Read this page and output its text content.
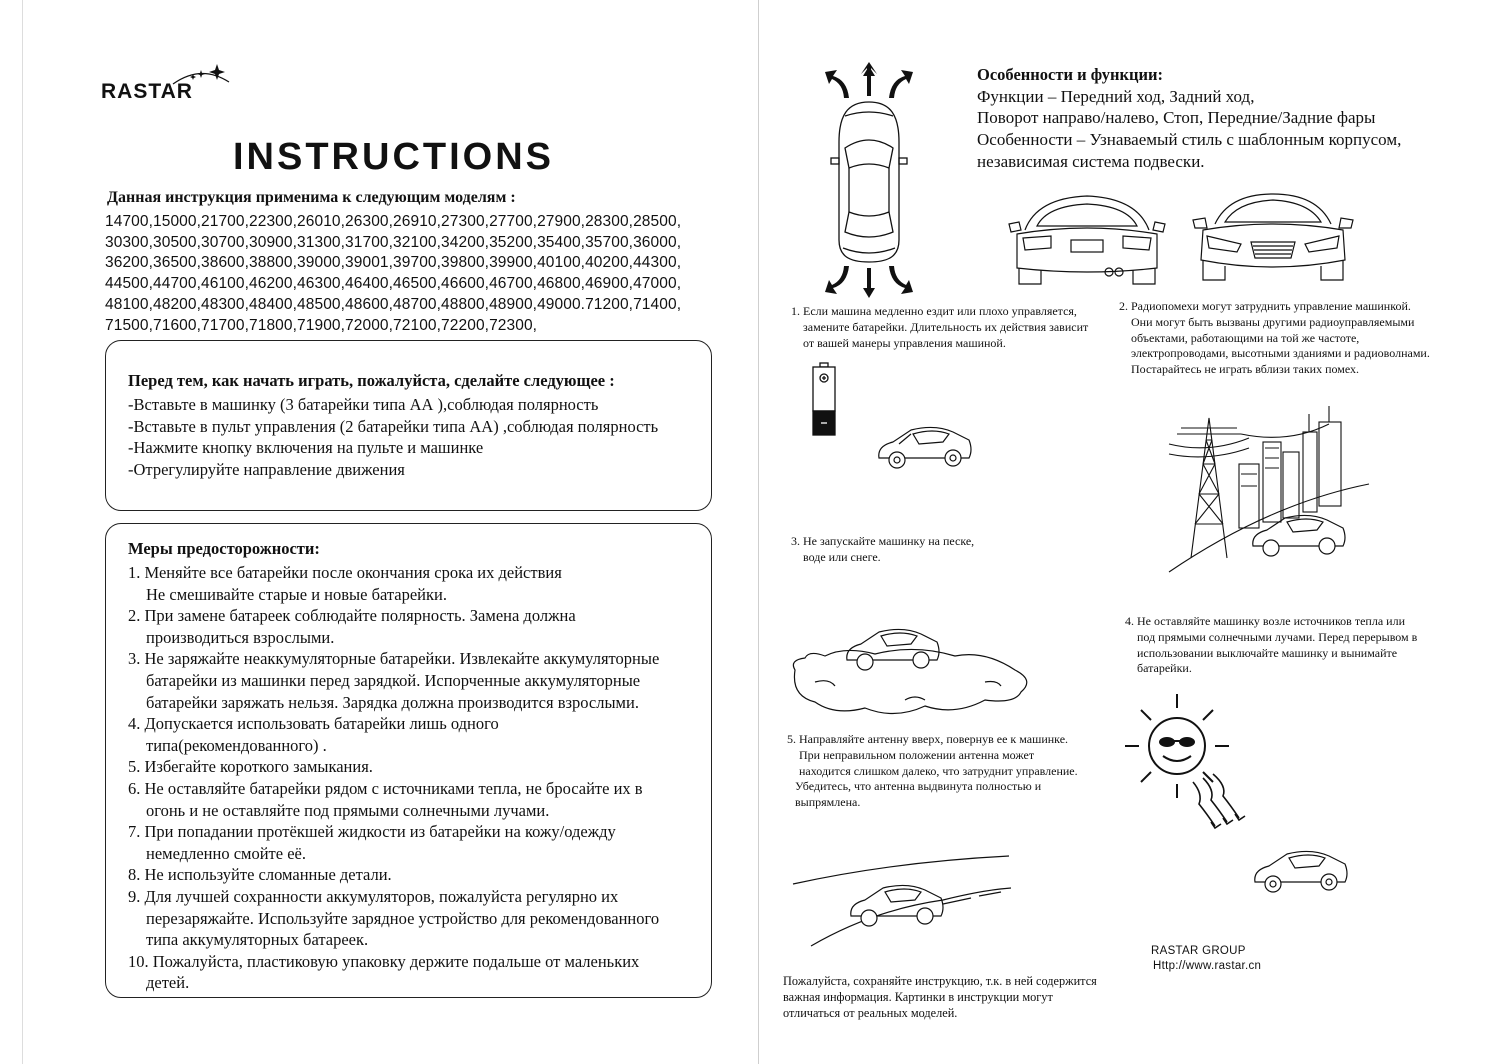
RASTAR
INSTRUCTIONS
Данная инструкция применима к следующим моделям :
14700,15000,21700,22300,26010,26300,26910,27300,27700,27900,28300,28500,
30300,30500,30700,30900,31300,31700,32100,34200,35200,35400,35700,36000,
36200,36500,38600,38800,39000,39001,39700,39800,39900,40100,40200,44300,
44500,44700,46100,46200,46300,46400,46500,46600,46700,46800,46900,47000,
48100,48200,48300,48400,48500,48600,48700,48800,48900,49000.71200,71400,
71500,71600,71700,71800,71900,72000,72100,72200,72300,
Перед тем, как начать играть, пожалуйста, сделайте следующее :

-Вставьте в машинку (3 батарейки типа АА ),соблюдая полярность

-Вставьте в пульт управления (2 батарейки типа АА) ,соблюдая полярность

-Нажмите кнопку включения на пульте и машинке

-Отрегулируйте направление движения

Меры предосторожности:
1. Меняйте все батарейки после окончания срока их действия
Не смешивайте старые и новые батарейки.
2. При замене батареек соблюдайте полярность. Замена должна
производиться взрослыми.
3. Не заряжайте неаккумуляторные батарейки. Извлекайте аккумуляторные
батарейки из машинки перед зарядкой. Испорченные аккумуляторные
батарейки заряжать нельзя. Зарядка должна производится взрослыми.
4. Допускается использовать батарейки лишь одного
типа(рекомендованного) .
5. Избегайте короткого замыкания.
6. Не оставляйте батарейки рядом с источниками тепла, не бросайте их в
огонь и не оставляйте под прямыми солнечными лучами.
7. При попадании протёкшей жидкости из батарейки на кожу/одежду
немедленно смойте её.
8. Не используйте сломанные детали.
9. Для лучшей сохранности аккумуляторов, пожалуйста регулярно их
перезаряжайте. Используйте зарядное устройство для рекомендованного
типа аккумуляторных батареек.
10. Пожалуйста, пластиковую упаковку держите подальше от маленьких
детей.
Особенности и функции:
Функции – Передний ход, Задний ход,
Поворот направо/налево, Стоп, Передние/Задние фары
Особенности – Узнаваемый стиль с шаблонным корпусом,
независимая система подвески.
1. Если машина медленно ездит или плохо управляется,
замените батарейки. Длительность их действия зависит
от вашей манеры управления машиной.
2. Радиопомехи могут затруднить управление машинкой.
Они могут быть вызваны другими радиоуправляемыми
объектами, работающими на той же частоте,
электропроводами, высотными зданиями и радиоволнами.
Постарайтесь не играть вблизи таких помех.
3. Не запускайте машинку на песке,
воде или снеге.
4. Не оставляйте машинку возле источников тепла или
под прямыми солнечными лучами. Перед перерывом в
использовании выключайте машинку и вынимайте
батарейки.
5. Направляйте антенну вверх, повернув ее к машинке.
При неправильном положении антенна может
находится слишком далеко, что затруднит управление.
Убедитесь, что антенна выдвинута полностью и
выпрямлена.
RASTAR GROUP
Http://www.rastar.cn
Пожалуйста, сохраняйте инструкцию, т.к. в ней содержится
важная информация. Картинки в инструкции могут
отличаться от реальных моделей.
